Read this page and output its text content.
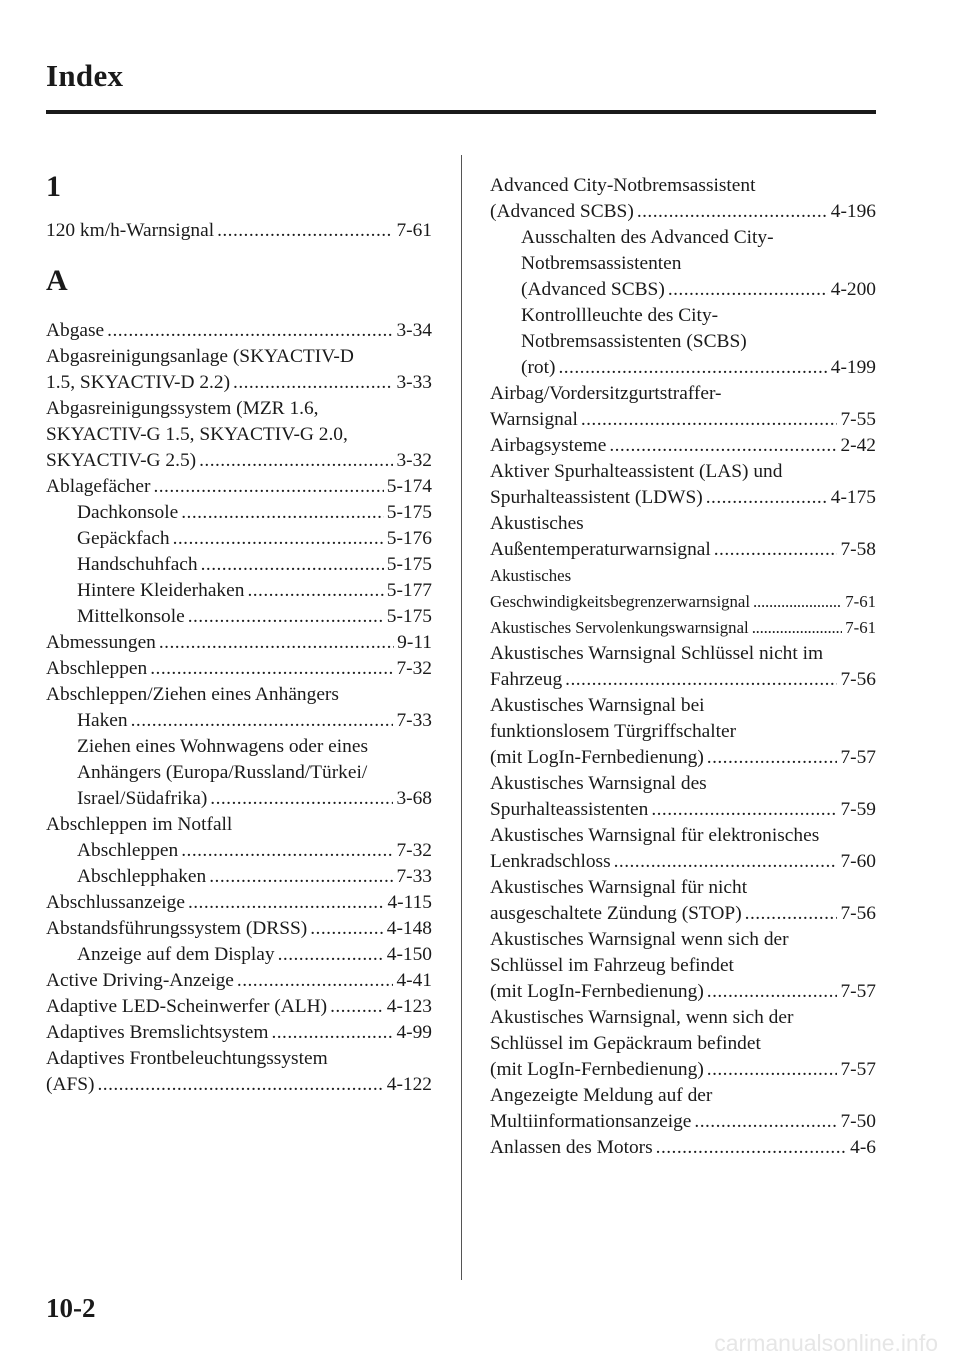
Index
1
120 km/h-Warnsignal . . .	7-61
A
Abgase . . .	3-34
Abgasreinigungsanlage (SKYACTIV-D
1.5, SKYACTIV-D 2.2) . . .	3-33
Abgasreinigungssystem (MZR 1.6,
SKYACTIV-G 1.5, SKYACTIV-G 2.0,
SKYACTIV-G 2.5) . . .	3-32
Ablagefächer . . .	5-174
Dachkonsole . . .	5-175
Gepäckfach . . .	5-176
Handschuhfach . . .	5-175
Hintere Kleiderhaken . . .	5-177
Mittelkonsole . . .	5-175
Abmessungen . . .	9-11
Abschleppen . . .	7-32
Abschleppen/Ziehen eines Anhängers
Haken . . .	7-33
Ziehen eines Wohnwagens oder eines
Anhängers (Europa/Russland/Türkei/
Israel/Südafrika) . . .	3-68
Abschleppen im Notfall
Abschleppen . . .	7-32
Abschlepphaken . . .	7-33
Abschlussanzeige . . .	4-115
Abstandsführungssystem (DRSS) . . .	4-148
Anzeige auf dem Display . . .	4-150
Active Driving-Anzeige . . .	4-41
Adaptive LED-Scheinwerfer (ALH) . . .	4-123
Adaptives Bremslichtsystem . . .	4-99
Adaptives Frontbeleuchtungssystem
(AFS) . . .	4-122
Advanced City-Notbremsassistent
(Advanced SCBS) . . .	4-196
Ausschalten des Advanced City-
Notbremsassistenten
(Advanced SCBS) . . .	4-200
Kontrollleuchte des City-
Notbremsassistenten (SCBS)
(rot) . . .	4-199
Airbag/Vordersitzgurtstraffer-
Warnsignal . . .	7-55
Airbagsysteme . . .	2-42
Aktiver Spurhalteassistent (LAS) und
Spurhalteassistent (LDWS) . . .	4-175
Akustisches
Außentemperaturwarnsignal . . .	7-58
Akustisches
Geschwindigkeitsbegrenzerwarnsignal . . .	7-61
Akustisches Servolenkungswarnsignal . . .	7-61
Akustisches Warnsignal Schlüssel nicht im
Fahrzeug . . .	7-56
Akustisches Warnsignal bei
funktionslosem Türgriffschalter
(mit LogIn-Fernbedienung) . . .	7-57
Akustisches Warnsignal des
Spurhalteassistenten . . .	7-59
Akustisches Warnsignal für elektronisches
Lenkradschloss . . .	7-60
Akustisches Warnsignal für nicht
ausgeschaltete Zündung (STOP) . . .	7-56
Akustisches Warnsignal wenn sich der
Schlüssel im Fahrzeug befindet
(mit LogIn-Fernbedienung) . . .	7-57
Akustisches Warnsignal, wenn sich der
Schlüssel im Gepäckraum befindet
(mit LogIn-Fernbedienung) . . .	7-57
Angezeigte Meldung auf der
Multiinformationsanzeige . . .	7-50
Anlassen des Motors . . .	4-6
10-2
carmanualsonline.info
